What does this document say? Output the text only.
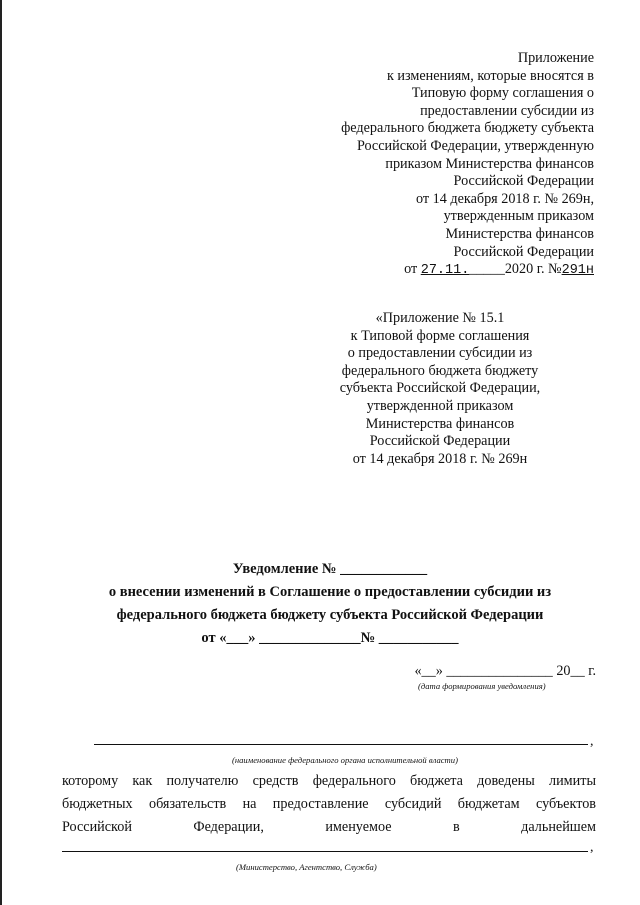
Приложение
к изменениям, которые вносятся в
Типовую форму соглашения о
предоставлении субсидии из
федерального бюджета бюджету субъекта
Российской Федерации, утвержденную
приказом Министерства финансов
Российской Федерации
от 14 декабря 2018 г. № 269н,
утвержденным приказом
Министерства финансов
Российской Федерации
от 27.11._____2020 г. №291н
«Приложение № 15.1
к Типовой форме соглашения
о предоставлении субсидии из
федерального бюджета бюджету
субъекта Российской Федерации,
утвержденной приказом
Министерства финансов
Российской Федерации
от 14 декабря 2018 г. № 269н
Уведомление № ____________
о внесении изменений в Соглашение о предоставлении субсидии из
федерального бюджета бюджету субъекта Российской Федерации
от «___» ______________№ ___________
«__» _______________ 20__ г.
(дата формирования уведомления)
,
(наименование федерального органа исполнительной власти)
которому как получателю средств федерального бюджета доведены лимиты
бюджетных обязательств на предоставление субсидий бюджетам субъектов
Российской Федерации, именуемое в дальнейшем
,
(Министерство, Агентство, Служба)
